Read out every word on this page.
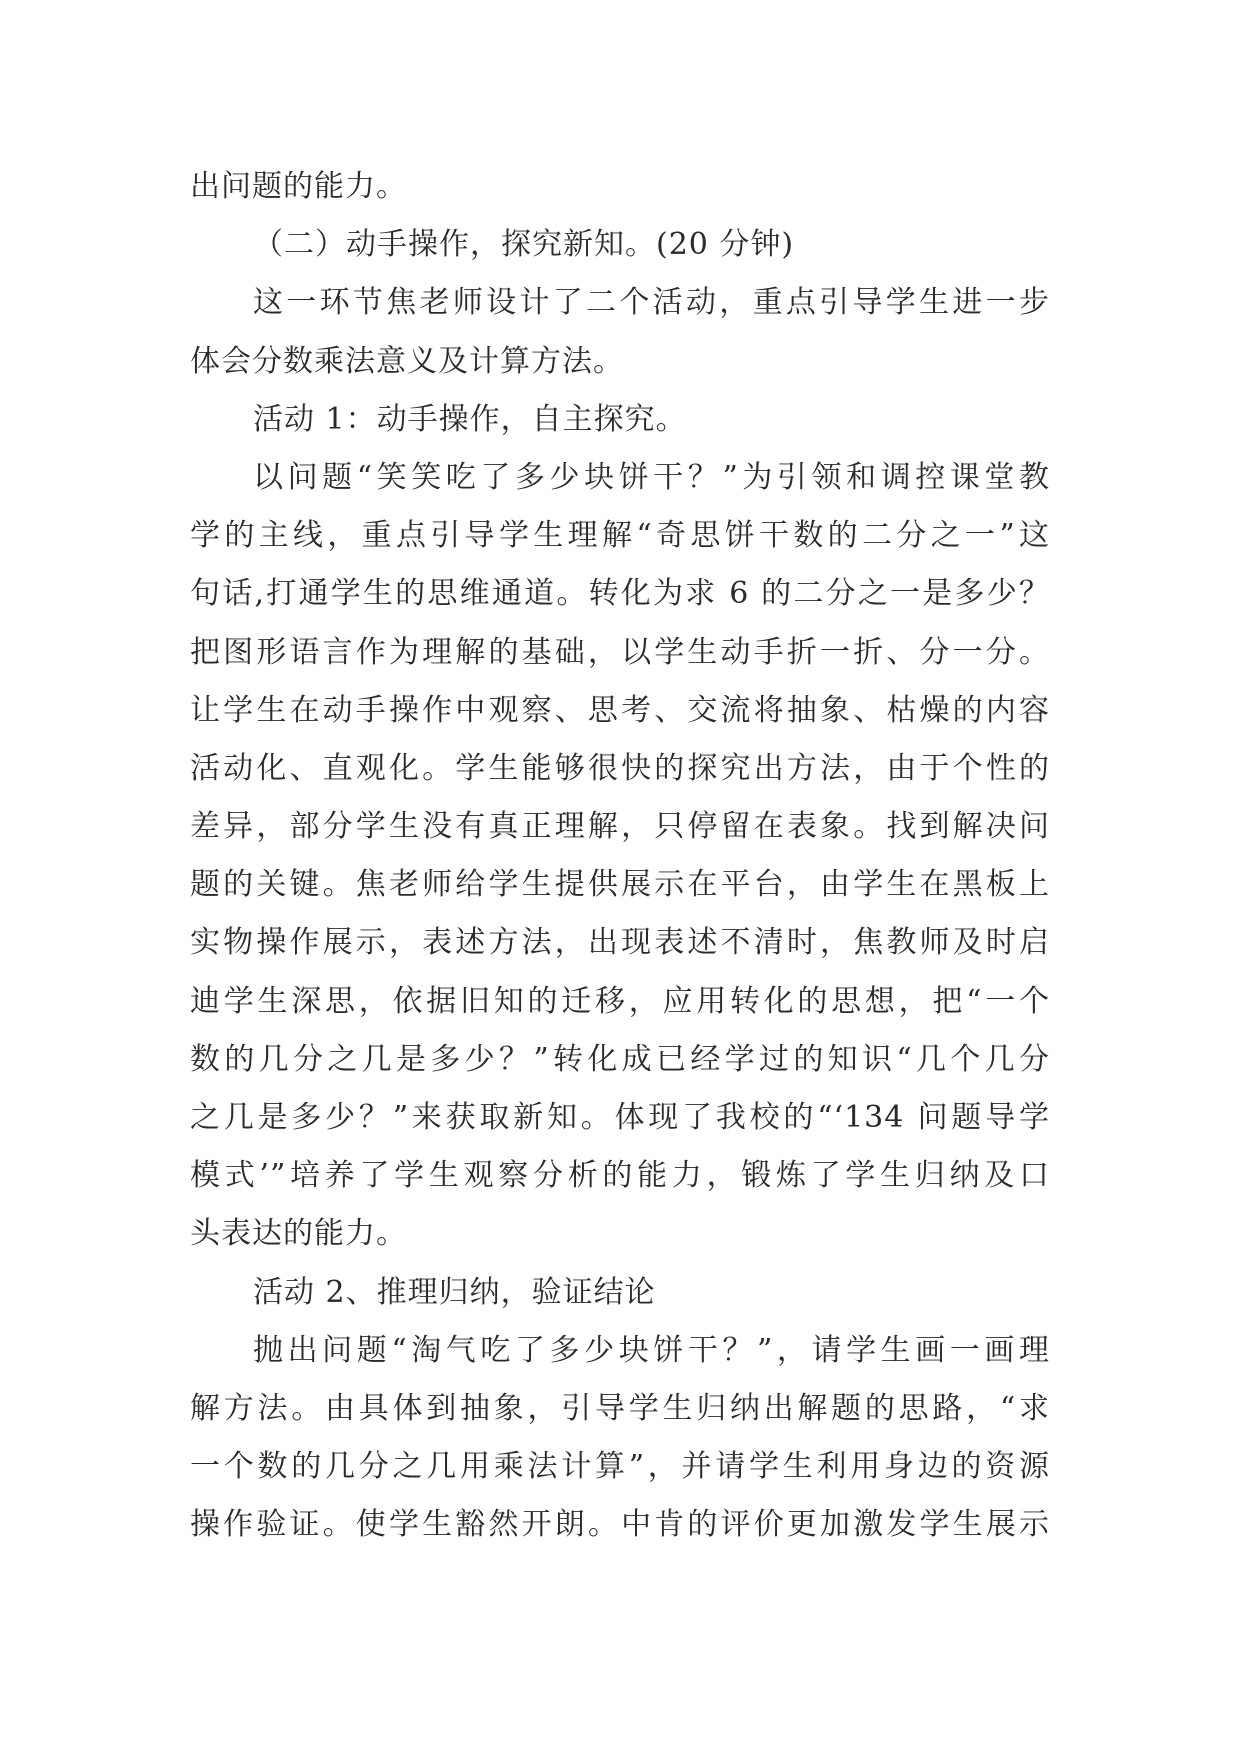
出问题的能力。
（二）动手操作，探究新知。(20 分钟)
这一环节焦老师设计了二个活动，重点引导学生进一步
体会分数乘法意义及计算方法。
活动 1：动手操作，自主探究。
以问题“笑笑吃了多少块饼干？”为引领和调控课堂教
学的主线，重点引导学生理解“奇思饼干数的二分之一”这
句话,打通学生的思维通道。转化为求 6 的二分之一是多少？
把图形语言作为理解的基础，以学生动手折一折、分一分。
让学生在动手操作中观察、思考、交流将抽象、枯燥的内容
活动化、直观化。学生能够很快的探究出方法，由于个性的
差异，部分学生没有真正理解，只停留在表象。找到解决问
题的关键。焦老师给学生提供展示在平台，由学生在黑板上
实物操作展示，表述方法，出现表述不清时，焦教师及时启
迪学生深思，依据旧知的迁移，应用转化的思想，把“一个
数的几分之几是多少？”转化成已经学过的知识“几个几分
之几是多少？”来获取新知。体现了我校的“‘134 问题导学
模式’”培养了学生观察分析的能力，锻炼了学生归纳及口
头表达的能力。
活动 2、推理归纳，验证结论
抛出问题“淘气吃了多少块饼干？”，请学生画一画理
解方法。由具体到抽象，引导学生归纳出解题的思路，“求
一个数的几分之几用乘法计算”，并请学生利用身边的资源
操作验证。使学生豁然开朗。中肯的评价更加激发学生展示
